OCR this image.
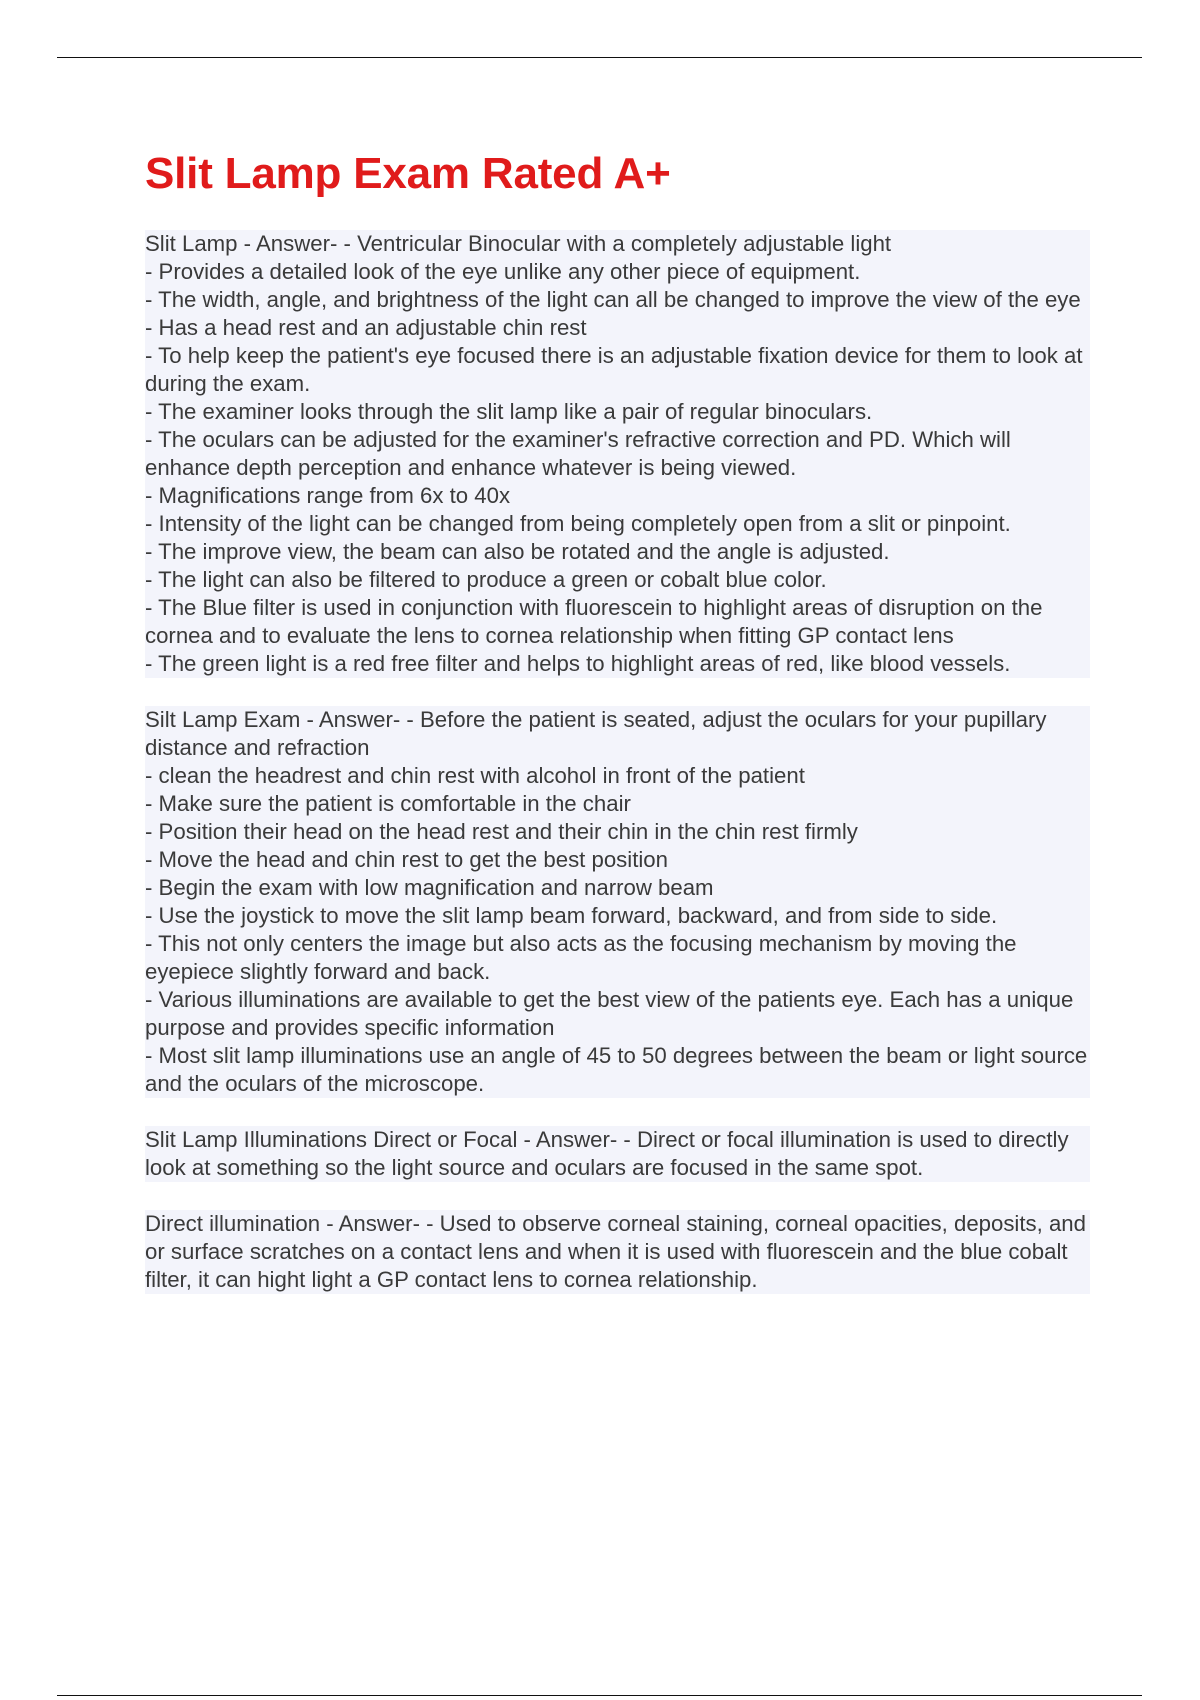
Slit Lamp Exam Rated A+
Slit Lamp - Answer- - Ventricular Binocular with a completely adjustable light
- Provides a detailed look of the eye unlike any other piece of equipment.
- The width, angle, and brightness of the light can all be changed to improve the view of the eye
- Has a head rest and an adjustable chin rest
- To help keep the patient's eye focused there is an adjustable fixation device for them to look at during the exam.
- The examiner looks through the slit lamp like a pair of regular binoculars.
- The oculars can be adjusted for the examiner's refractive correction and PD. Which will enhance depth perception and enhance whatever is being viewed.
- Magnifications range from 6x to 40x
- Intensity of the light can be changed from being completely open from a slit or pinpoint.
- The improve view, the beam can also be rotated and the angle is adjusted.
- The light can also be filtered to produce a green or cobalt blue color.
- The Blue filter is used in conjunction with fluorescein to highlight areas of disruption on the cornea and to evaluate the lens to cornea relationship when fitting GP contact lens
- The green light is a red free filter and helps to highlight areas of red, like blood vessels.
Silt Lamp Exam - Answer- - Before the patient is seated, adjust the oculars for your pupillary distance and refraction
- clean the headrest and chin rest with alcohol in front of the patient
- Make sure the patient is comfortable in the chair
- Position their head on the head rest and their chin in the chin rest firmly
- Move the head and chin rest to get the best position
- Begin the exam with low magnification and narrow beam
- Use the joystick to move the slit lamp beam forward, backward, and from side to side.
- This not only centers the image but also acts as the focusing mechanism by moving the eyepiece slightly forward and back.
- Various illuminations are available to get the best view of the patients eye. Each has a unique purpose and provides specific information
- Most slit lamp illuminations use an angle of 45 to 50 degrees between the beam or light source and the oculars of the microscope.
Slit Lamp Illuminations Direct or Focal - Answer- - Direct or focal illumination is used to directly look at something so the light source and oculars are focused in the same spot.
Direct illumination - Answer- - Used to observe corneal staining, corneal opacities, deposits, and or surface scratches on a contact lens and when it is used with fluorescein and the blue cobalt filter, it can hight light a GP contact lens to cornea relationship.
